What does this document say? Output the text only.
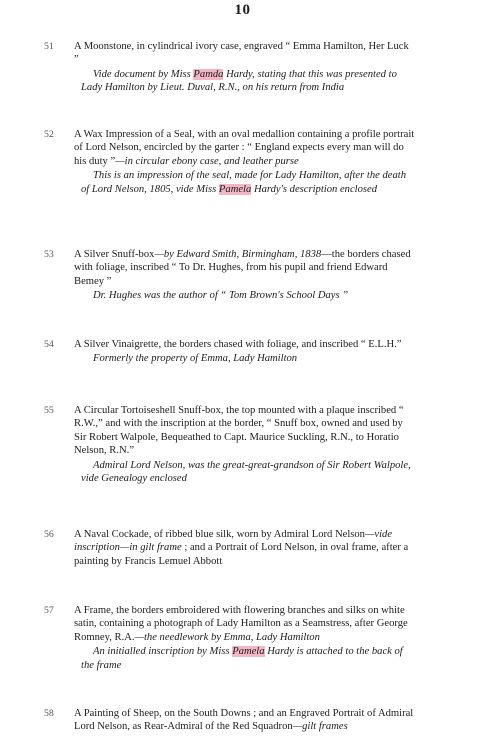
10
51	A Moonstone, in cylindrical ivory case, engraved “ Emma Hamilton, Her Luck ”
Vide document by Miss Pamda Hardy, stating that this was presented to Lady Hamilton by Lieut. Duval, R.N., on his return from India
52	A Wax Impression of a Seal, with an oval medallion containing a profile portrait of Lord Nelson, encircled by the garter : “ England expects every man will do his duty ”—in circular ebony case, and leather purse
This is an impression of the seal, made for Lady Hamilton, after the death of Lord Nelson, 1805, vide Miss Pamela Hardy's description enclosed
53	A Silver Snuff-box—by Edward Smith, Birmingham, 1838—the borders chased with foliage, inscribed “ To Dr. Hughes, from his pupil and friend Edward Bemey ”
Dr. Hughes was the author of “ Tom Brown's School Days ”
54	A Silver Vinaigrette, the borders chased with foliage, and inscribed “ E.L.H.”
Formerly the property of Emma, Lady Hamilton
55	A Circular Tortoiseshell Snuff-box, the top mounted with a plaque inscribed “ R.W.,” and with the inscription at the border, “ Snuff box, owned and used by Sir Robert Walpole, Bequeathed to Capt. Maurice Suckling, R.N., to Horatio Nelson, R.N.”
Admiral Lord Nelson, was the great-great-grandson of Sir Robert Walpole, vide Genealogy enclosed
56	A Naval Cockade, of ribbed blue silk, worn by Admiral Lord Nelson—vide inscription—in gilt frame ; and a Portrait of Lord Nelson, in oval frame, after a painting by Francis Lemuel Abbott
57	A Frame, the borders embroidered with flowering branches and silks on white satin, containing a photograph of Lady Hamilton as a Seamstress, after George Romney, R.A.—the needlework by Emma, Lady Hamilton
An initialled inscription by Miss Pamela Hardy is attached to the back of the frame
58	A Painting of Sheep, on the South Downs ; and an Engraved Portrait of Admiral Lord Nelson, as Rear-Admiral of the Red Squadron—gilt frames
